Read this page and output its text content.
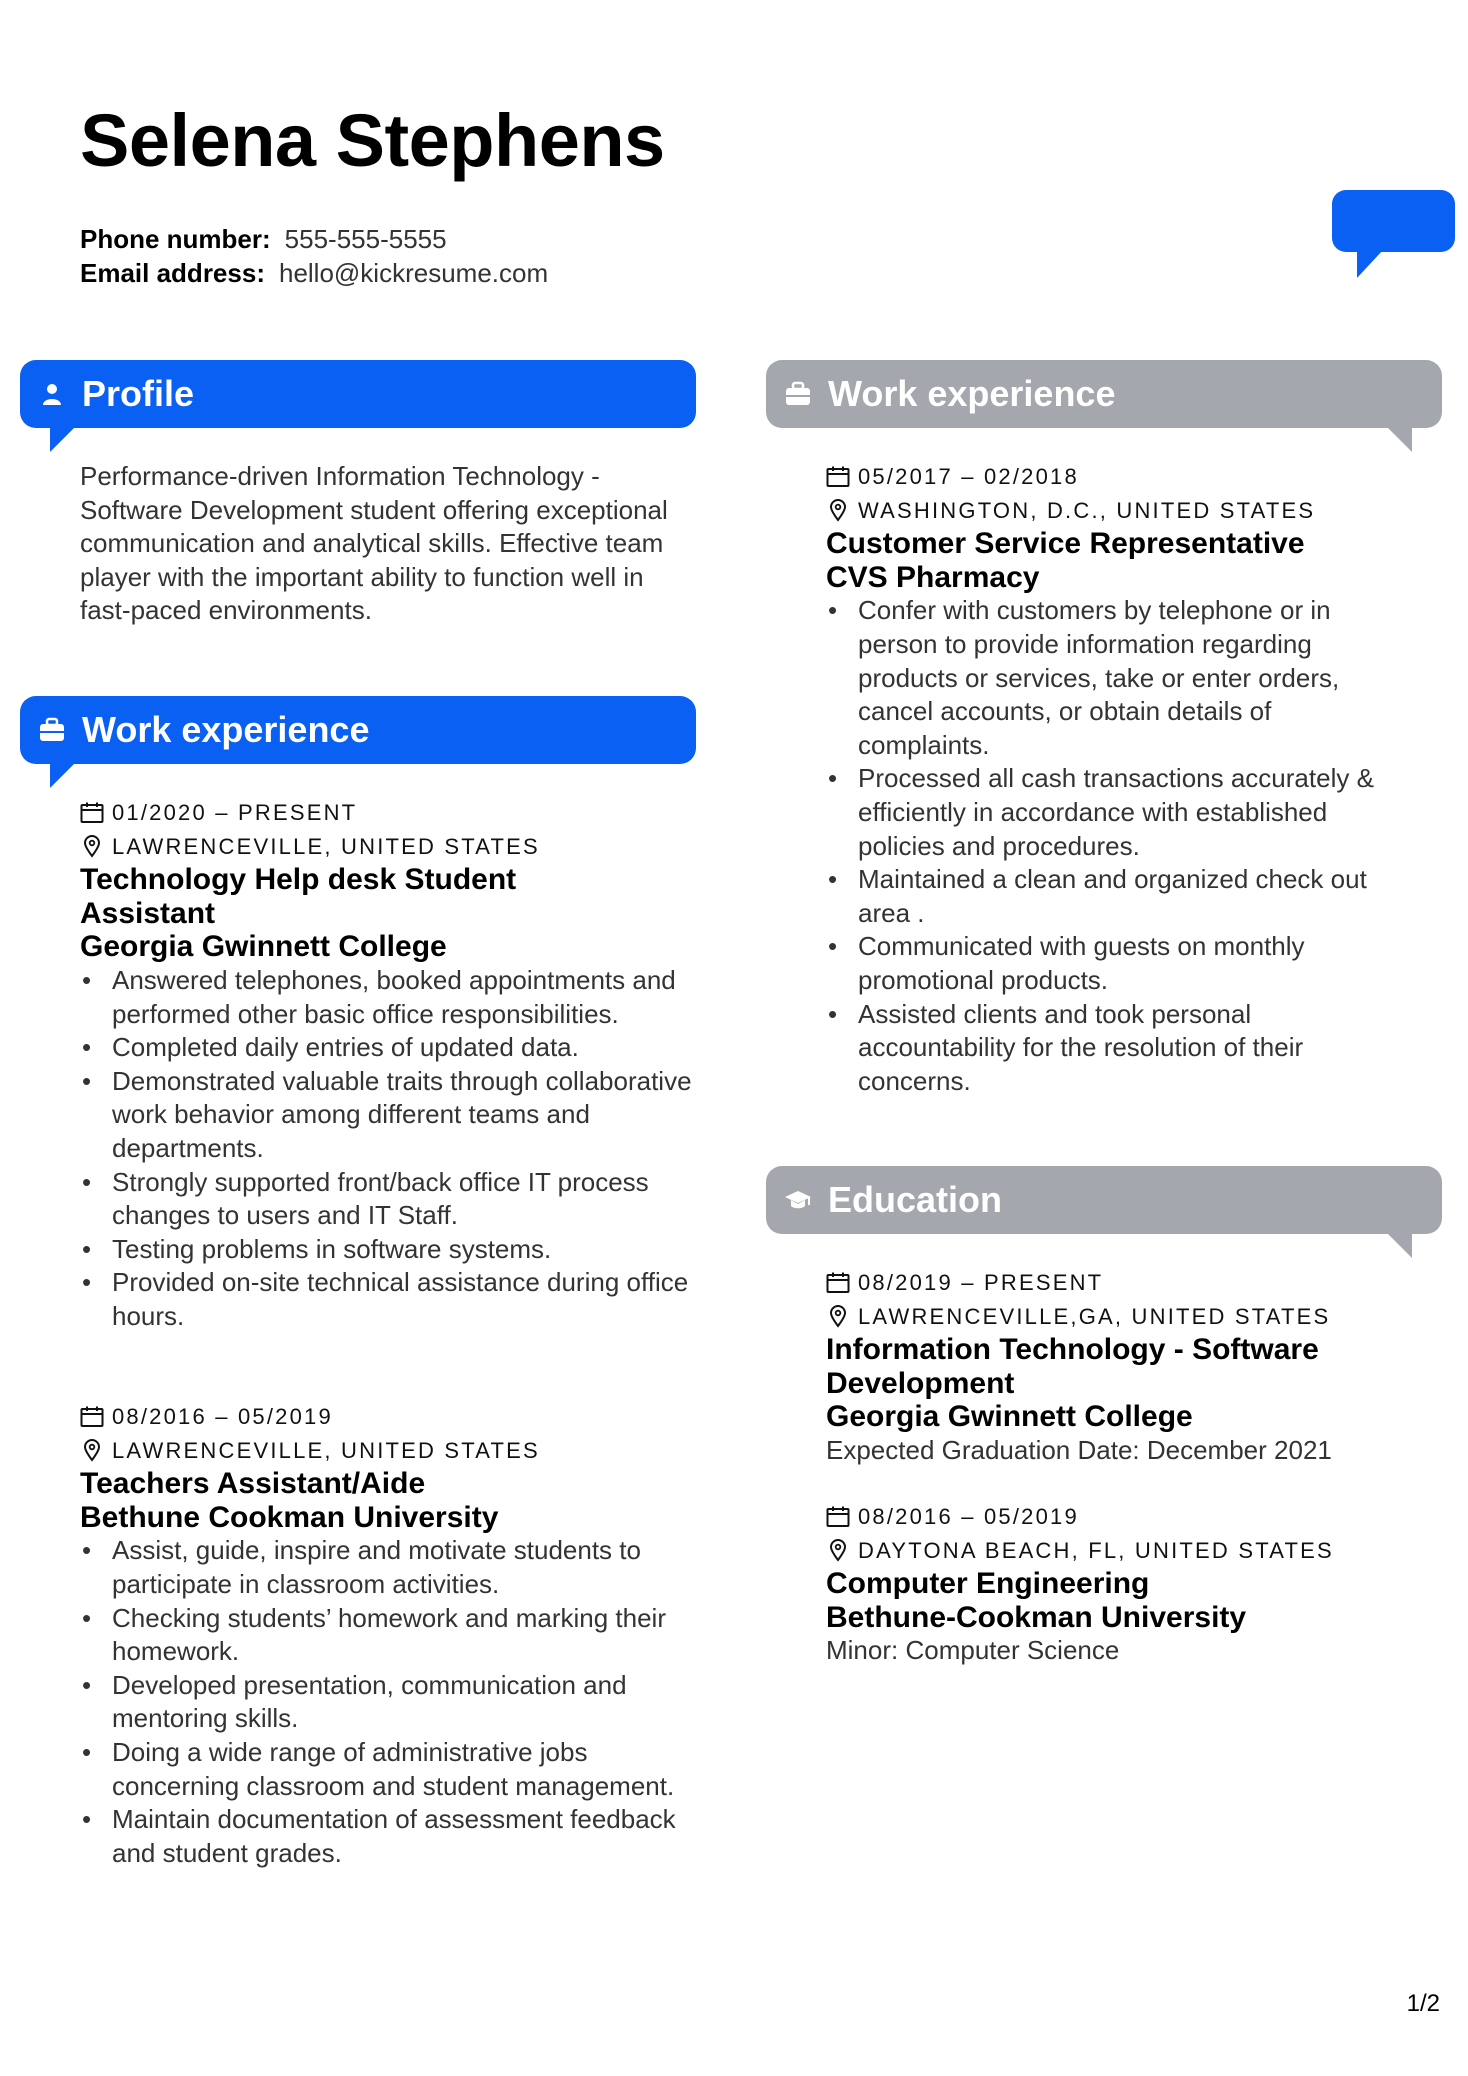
Selena Stephens
Phone number: 555-555-5555
Email address: hello@kickresume.com
Profile
Performance-driven Information Technology - Software Development student offering exceptional communication and analytical skills. Effective team player with the important ability to function well in fast-paced environments.
Work experience
01/2020 – PRESENT
LAWRENCEVILLE, UNITED STATES
Technology Help desk Student Assistant
Georgia Gwinnett College
• Answered telephones, booked appointments and performed other basic office responsibilities.
• Completed daily entries of updated data.
• Demonstrated valuable traits through collaborative work behavior among different teams and departments.
• Strongly supported front/back office IT process changes to users and IT Staff.
• Testing problems in software systems.
• Provided on-site technical assistance during office hours.
08/2016 – 05/2019
LAWRENCEVILLE, UNITED STATES
Teachers Assistant/Aide
Bethune Cookman University
• Assist, guide, inspire and motivate students to participate in classroom activities.
• Checking students’ homework and marking their homework.
• Developed presentation, communication and mentoring skills.
• Doing a wide range of administrative jobs concerning classroom and student management.
• Maintain documentation of assessment feedback and student grades.
Work experience
05/2017 – 02/2018
WASHINGTON, D.C., UNITED STATES
Customer Service Representative
CVS Pharmacy
• Confer with customers by telephone or in person to provide information regarding products or services, take or enter orders, cancel accounts, or obtain details of complaints.
• Processed all cash transactions accurately & efficiently in accordance with established policies and procedures.
• Maintained a clean and organized check out area .
• Communicated with guests on monthly promotional products.
• Assisted clients and took personal accountability for the resolution of their concerns.
Education
08/2019 – PRESENT
LAWRENCEVILLE,GA, UNITED STATES
Information Technology - Software Development
Georgia Gwinnett College
Expected Graduation Date: December 2021
08/2016 – 05/2019
DAYTONA BEACH, FL, UNITED STATES
Computer Engineering
Bethune-Cookman University
Minor: Computer Science
1/2
